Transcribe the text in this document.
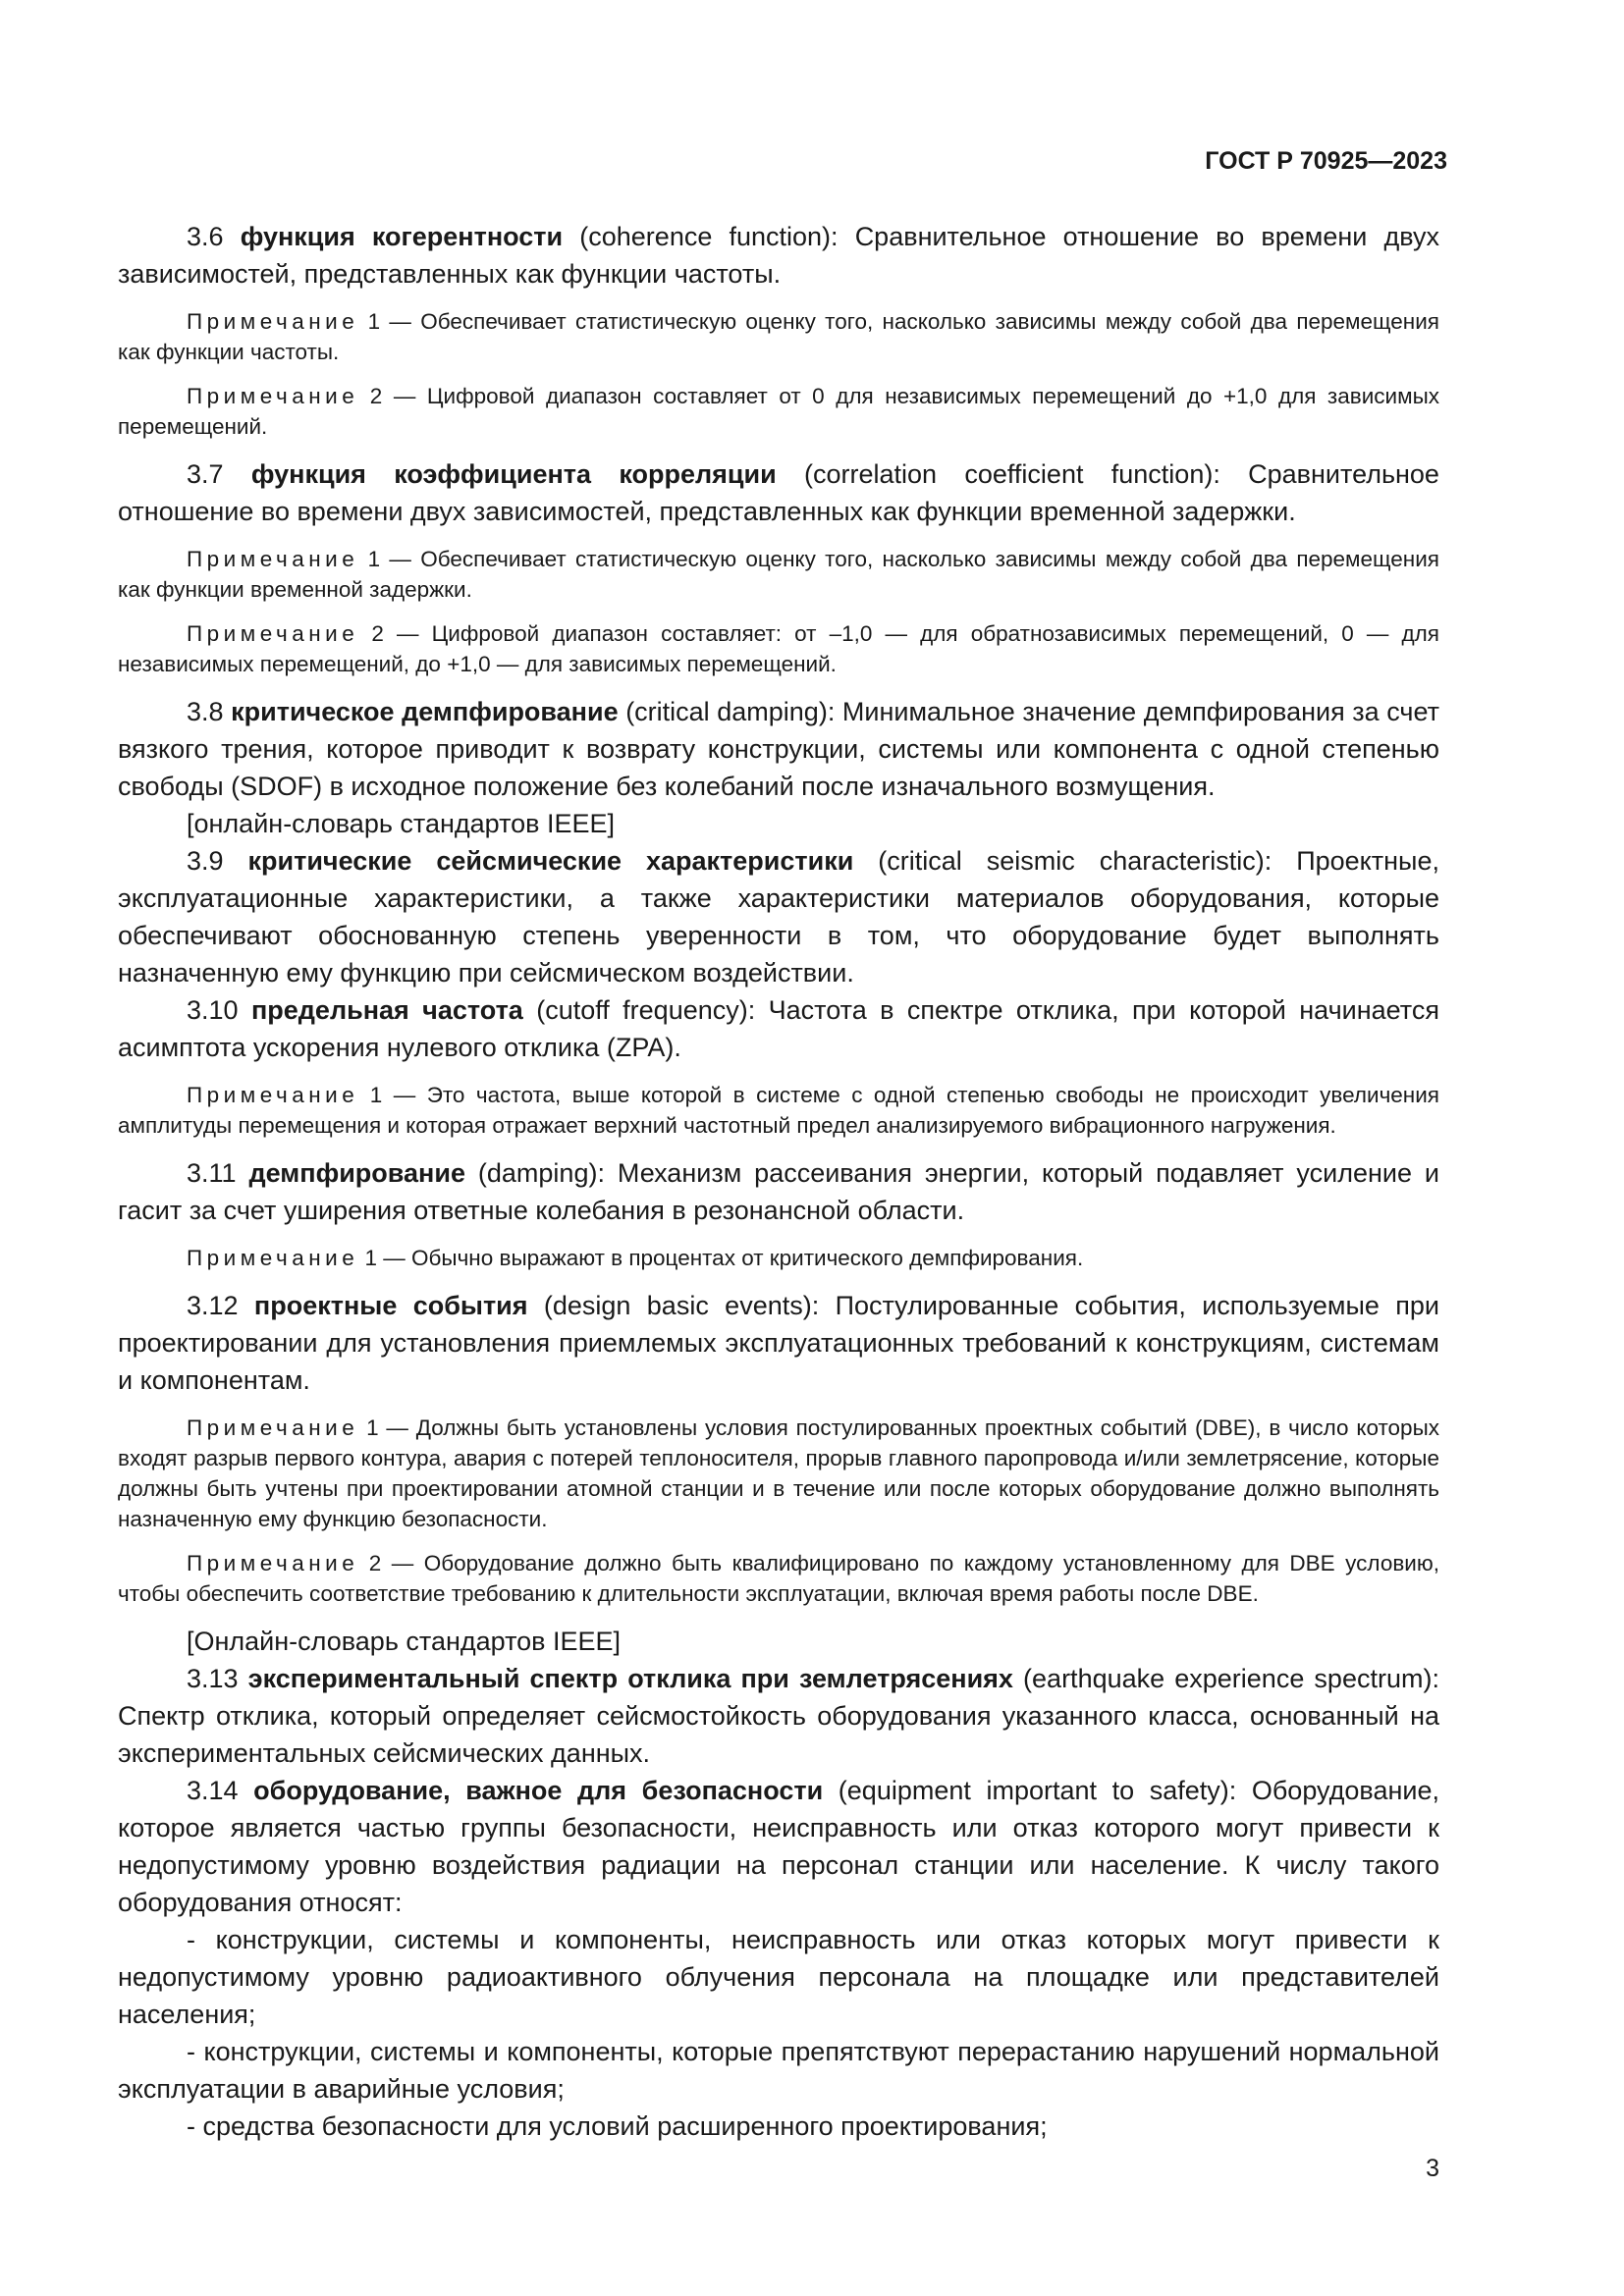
ГОСТ Р 70925—2023

3.6 функция когерентности (coherence function): Сравнительное отношение во времени двух зависимостей, представленных как функции частоты.

Примечание 1 — Обеспечивает статистическую оценку того, насколько зависимы между собой два перемещения как функции частоты.

Примечание 2 — Цифровой диапазон составляет от 0 для независимых перемещений до +1,0 для зависимых перемещений.

3.7 функция коэффициента корреляции (correlation coefficient function): Сравнительное отношение во времени двух зависимостей, представленных как функции временной задержки.

Примечание 1 — Обеспечивает статистическую оценку того, насколько зависимы между собой два перемещения как функции временной задержки.

Примечание 2 — Цифровой диапазон составляет: от –1,0 — для обратнозависимых перемещений, 0 — для независимых перемещений, до +1,0 — для зависимых перемещений.

3.8 критическое демпфирование (critical damping): Минимальное значение демпфирования за счет вязкого трения, которое приводит к возврату конструкции, системы или компонента с одной степенью свободы (SDOF) в исходное положение без колебаний после изначального возмущения.

[онлайн-словарь стандартов IEEE]

3.9 критические сейсмические характеристики (critical seismic characteristic): Проектные, эксплуатационные характеристики, а также характеристики материалов оборудования, которые обеспечивают обоснованную степень уверенности в том, что оборудование будет выполнять назначенную ему функцию при сейсмическом воздействии.

3.10 предельная частота (cutoff frequency): Частота в спектре отклика, при которой начинается асимптота ускорения нулевого отклика (ZPA).

Примечание 1 — Это частота, выше которой в системе с одной степенью свободы не происходит увеличения амплитуды перемещения и которая отражает верхний частотный предел анализируемого вибрационного нагружения.

3.11 демпфирование (damping): Механизм рассеивания энергии, который подавляет усиление и гасит за счет уширения ответные колебания в резонансной области.

Примечание 1 — Обычно выражают в процентах от критического демпфирования.

3.12 проектные события (design basic events): Постулированные события, используемые при проектировании для установления приемлемых эксплуатационных требований к конструкциям, системам и компонентам.

Примечание 1 — Должны быть установлены условия постулированных проектных событий (DBE), в число которых входят разрыв первого контура, авария с потерей теплоносителя, прорыв главного паропровода и/или землетрясение, которые должны быть учтены при проектировании атомной станции и в течение или после которых оборудование должно выполнять назначенную ему функцию безопасности.

Примечание 2 — Оборудование должно быть квалифицировано по каждому установленному для DBE условию, чтобы обеспечить соответствие требованию к длительности эксплуатации, включая время работы после DBE.

[Онлайн-словарь стандартов IEEE]

3.13 экспериментальный спектр отклика при землетрясениях (earthquake experience spectrum): Спектр отклика, который определяет сейсмостойкость оборудования указанного класса, основанный на экспериментальных сейсмических данных.

3.14 оборудование, важное для безопасности (equipment important to safety): Оборудование, которое является частью группы безопасности, неисправность или отказ которого могут привести к недопустимому уровню воздействия радиации на персонал станции или население. К числу такого оборудования относят:

- конструкции, системы и компоненты, неисправность или отказ которых могут привести к недопустимому уровню радиоактивного облучения персонала на площадке или представителей населения;

- конструкции, системы и компоненты, которые препятствуют перерастанию нарушений нормальной эксплуатации в аварийные условия;

- средства безопасности для условий расширенного проектирования;

3
